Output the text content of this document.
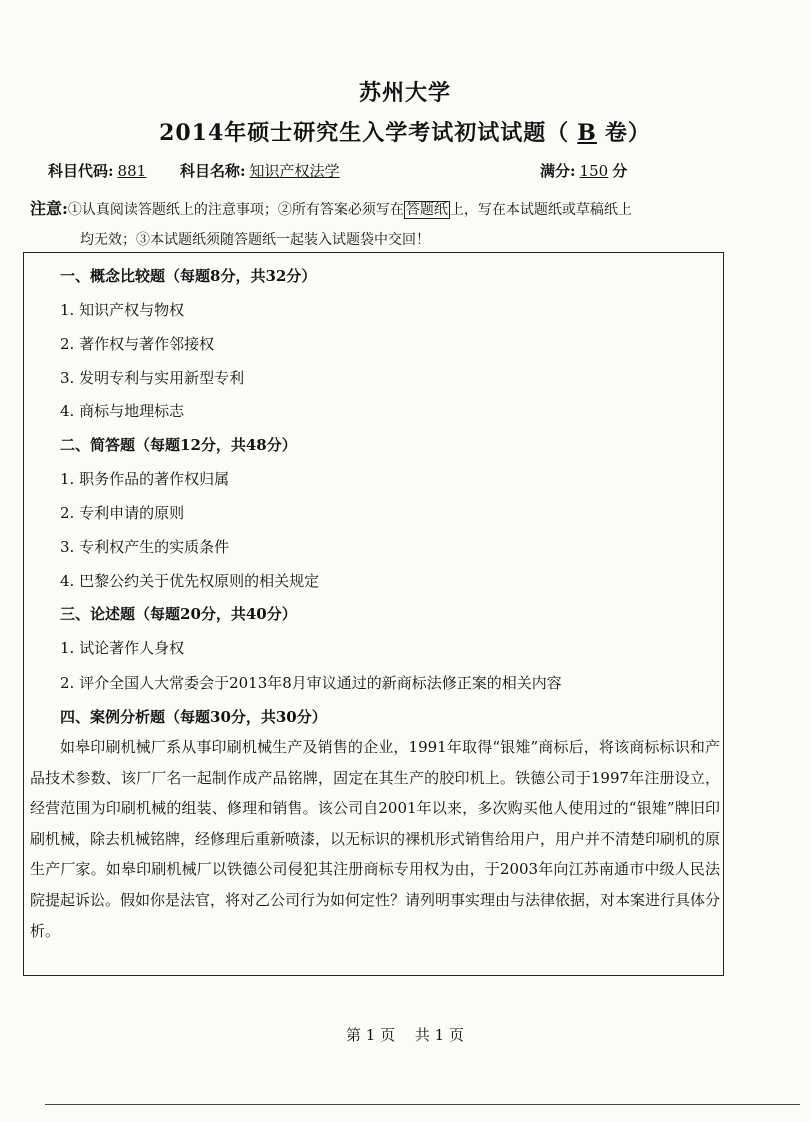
苏州大学
2014年硕士研究生入学考试初试试题（ B 卷）
科目代码: 881 科目名称: 知识产权法学	满分: 150 分
注意:①认真阅读答题纸上的注意事项；②所有答案必须写在 答题纸 上，写在本试题纸或草稿纸上
均无效；③本试题纸须随答题纸一起装入试题袋中交回！
一、概念比较题（每题8分，共32分）
1. 知识产权与物权
2. 著作权与著作邻接权
3. 发明专利与实用新型专利
4. 商标与地理标志
二、简答题（每题12分，共48分）
1. 职务作品的著作权归属
2. 专利申请的原则
3. 专利权产生的实质条件
4. 巴黎公约关于优先权原则的相关规定
三、论述题（每题20分，共40分）
1. 试论著作人身权
2. 评介全国人大常委会于2013年8月审议通过的新商标法修正案的相关内容
四、案例分析题（每题30分，共30分）
如皋印刷机械厂系从事印刷机械生产及销售的企业，1991年取得“银雉”商标后，将该商标标识和产品技术参数、该厂厂名一起制作成产品铭牌，固定在其生产的胶印机上。铁德公司于1997年注册设立，经营范围为印刷机械的组装、修理和销售。该公司自2001年以来，多次购买他人使用过的“银雉”牌旧印刷机械，除去机械铭牌，经修理后重新喷漆，以无标识的裸机形式销售给用户，用户并不清楚印刷机的原生产厂家。如皋印刷机械厂以铁德公司侵犯其注册商标专用权为由，于2003年向江苏南通市中级人民法院提起诉讼。假如你是法官，将对乙公司行为如何定性？请列明事实理由与法律依据，对本案进行具体分析。
第 1 页　 共 1 页
